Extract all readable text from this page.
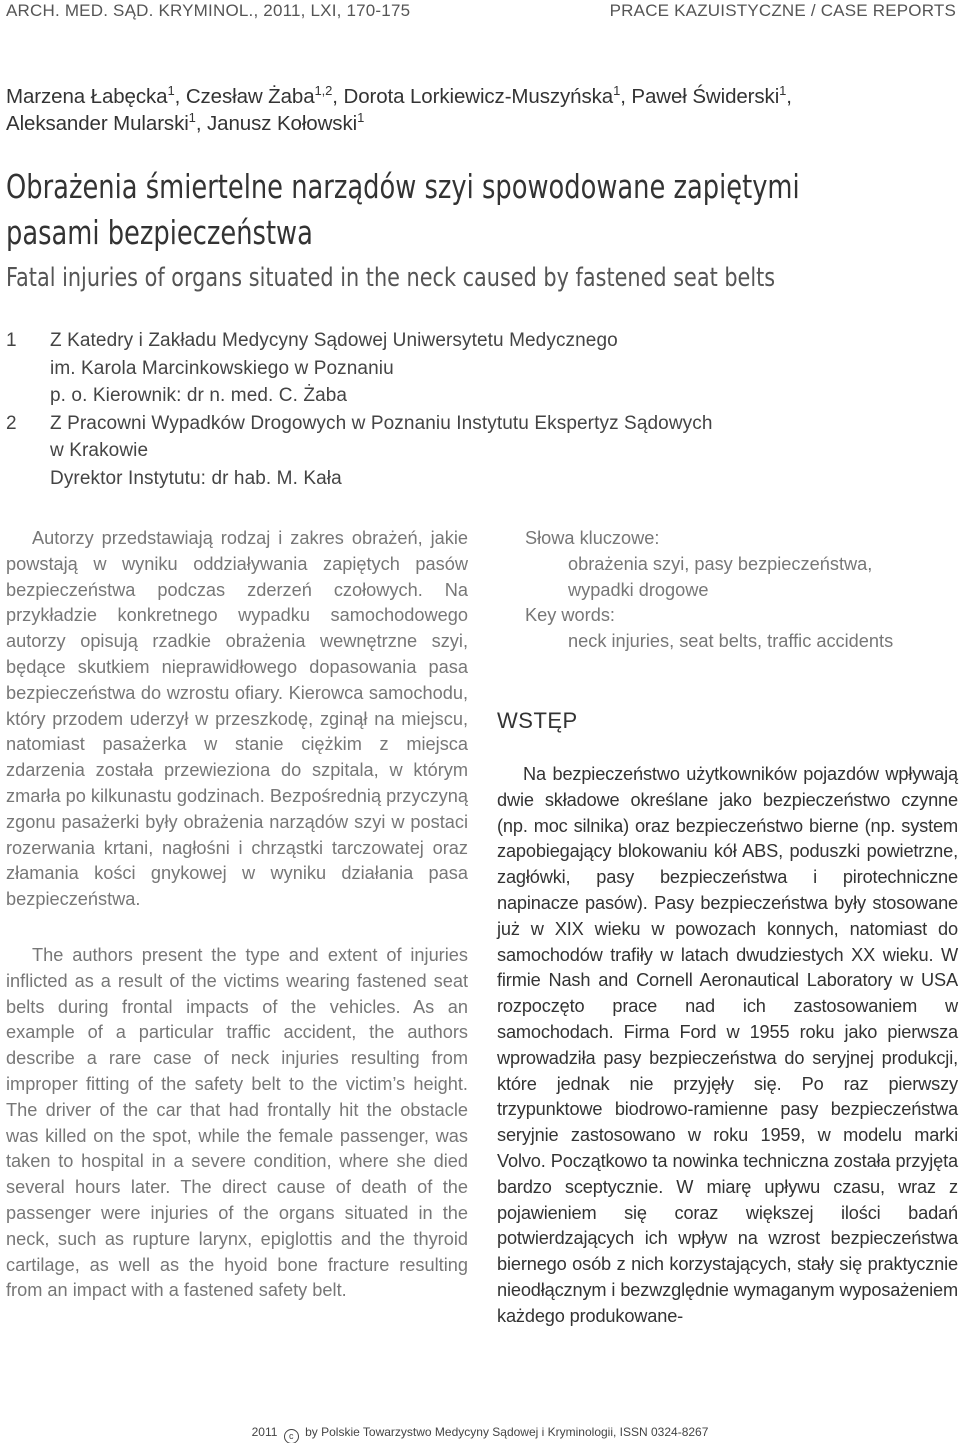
ARCH. MED. SĄD. KRYMINOL., 2011, LXI, 170-175	PRACE KAZUISTYCZNE / CASE REPORTS
Marzena Łabęcka$^1$, Czesław Żaba$^{1,2}$, Dorota Lorkiewicz-Muszyńska$^1$, Paweł Świderski$^1$,
Aleksander Mularski$^1$, Janusz Kołowski$^1$
Obrażenia śmiertelne narządów szyi spowodowane zapiętymi
pasami bezpieczeństwa
Fatal injuries of organs situated in the neck caused by fastened seat belts
1	Z Katedry i Zakładu Medycyny Sądowej Uniwersytetu Medycznego
im. Karola Marcinkowskiego w Poznaniu
p. o. Kierownik: dr n. med. C. Żaba
2	Z Pracowni Wypadków Drogowych w Poznaniu Instytutu Ekspertyz Sądowych
w Krakowie
Dyrektor Instytutu: dr hab. M. Kała

Autorzy przedstawiają rodzaj i zakres obrażeń, jakie powstają w wyniku oddziaływania zapiętych pasów bezpieczeństwa podczas zderzeń czołowych. Na przykładzie konkretnego wypadku samochodowego autorzy opisują rzadkie obrażenia wewnętrzne szyi, będące skutkiem nieprawidłowego dopasowania pasa bezpieczeństwa do wzrostu ofiary. Kierowca samochodu, który przodem uderzył w przeszkodę, zginął na miejscu, natomiast pasażerka w stanie ciężkim z miejsca zdarzenia została przewieziona do szpitala, w którym zmarła po kilkunastu godzinach. Bezpośrednią przyczyną zgonu pasażerki były obrażenia narządów szyi w postaci rozerwania krtani, nagłośni i chrząstki tarczowatej oraz złamania kości gnykowej w wyniku działania pasa bezpieczeństwa.

The authors present the type and extent of injuries inflicted as a result of the victims wearing fastened seat belts during frontal impacts of the vehicles. As an example of a particular traffic accident, the authors describe a rare case of neck injuries resulting from improper fitting of the safety belt to the victim’s height. The driver of the car that had frontally hit the obstacle was killed on the spot, while the female passenger, was taken to hospital in a severe condition, where she died several hours later. The direct cause of death of the passenger were injuries of the organs situated in the neck, such as rupture larynx, epiglottis and the thyroid cartilage, as well as the hyoid bone fracture resulting from an impact with a fastened safety belt.

Słowa kluczowe:
obrażenia szyi, pasy bezpieczeństwa,
wypadki drogowe
Key words:
neck injuries, seat belts, traffic accidents
WSTĘP

Na bezpieczeństwo użytkowników pojazdów wpływają dwie składowe określane jako bezpieczeństwo czynne (np. moc silnika) oraz bezpieczeństwo bierne (np. system zapobiegający blokowaniu kół ABS, poduszki powietrzne, zagłówki, pasy bezpieczeństwa i pirotechniczne napinacze pasów). Pasy bezpieczeństwa były stosowane już w XIX wieku w powozach konnych, natomiast do samochodów trafiły w latach dwudziestych XX wieku. W firmie Nash and Cornell Aeronautical Laboratory w USA rozpoczęto prace nad ich zastosowaniem w samochodach. Firma Ford w 1955 roku jako pierwsza wprowadziła pasy bezpieczeństwa do seryjnej produkcji, które jednak nie przyjęły się. Po raz pierwszy trzypunktowe biodrowo-ramienne pasy bezpieczeństwa seryjnie zastosowano w roku 1959, w modelu marki Volvo. Początkowo ta nowinka techniczna została przyjęta bardzo sceptycznie. W miarę upływu czasu, wraz z pojawieniem się coraz większej ilości badań potwierdzających ich wpływ na wzrost bezpieczeństwa biernego osób z nich korzystających, stały się praktycznie nieodłącznym i bezwzględnie wymaganym wyposażeniem każdego produkowane-

2011 c by Polskie Towarzystwo Medycyny Sądowej i Kryminologii, ISSN 0324-8267
